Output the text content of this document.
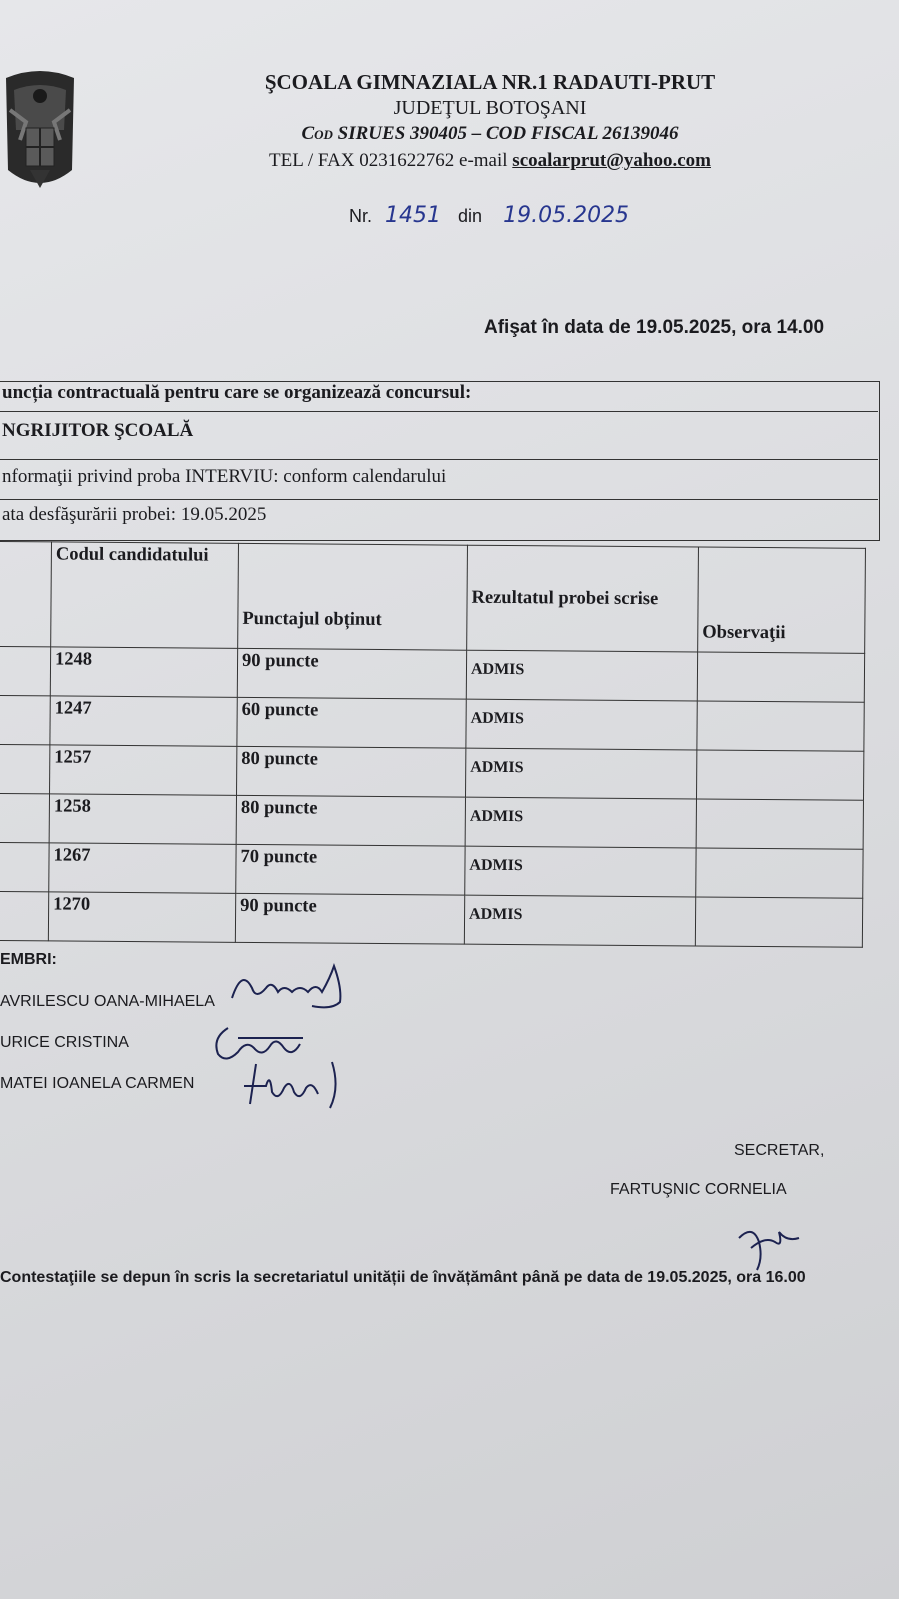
ŞCOALA GIMNAZIALA NR.1 RADAUTI-PRUT
JUDEŢUL BOTOŞANI
Cod SIRUES 390405 – COD FISCAL 26139046
TEL / FAX 0231622762 e-mail scoalarprut@yahoo.com
Nr. 1451 din 19.05.2025
Afişat în data de 19.05.2025, ora 14.00
uncția contractuală pentru care se organizează concursul:
NGRIJITOR ŞCOALĂ
nformaţii privind proba INTERVIU: conform calendarului
ata desfăşurării probei: 19.05.2025
	Codul candidatului	Punctajul obținut	Rezultatul probei scrise	Observaţii
	1248	90 puncte	ADMIS	
	1247	60 puncte	ADMIS	
	1257	80 puncte	ADMIS	
	1258	80 puncte	ADMIS	
	1267	70 puncte	ADMIS	
	1270	90 puncte	ADMIS	
EMBRI:
AVRILESCU OANA-MIHAELA
URICE CRISTINA
MATEI IOANELA CARMEN
SECRETAR,
FARTUŞNIC CORNELIA
Contestaţiile se depun în scris la secretariatul unității de învățământ până pe data de 19.05.2025, ora 16.00
